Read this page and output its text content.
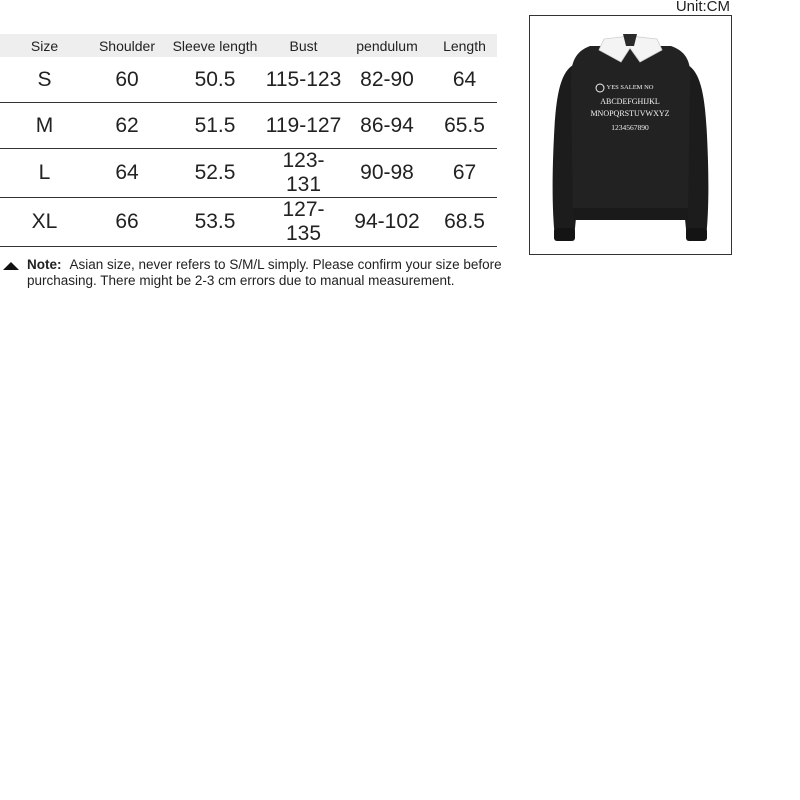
Unit:CM
Size	Shoulder	Sleeve length	Bust	pendulum	Length
S	60	50.5	115-123	82-90	64
M	62	51.5	119-127	86-94	65.5
L	64	52.5	123-131	90-98	67
XL	66	53.5	127-135	94-102	68.5
Note: Asian size, never refers to S/M/L simply. Please confirm your size before purchasing. There might be 2-3 cm errors due to manual measurement.
YES SALEM NO
ABCDEFGHIJKL
MNOPQRSTUVWXYZ
1234567890
